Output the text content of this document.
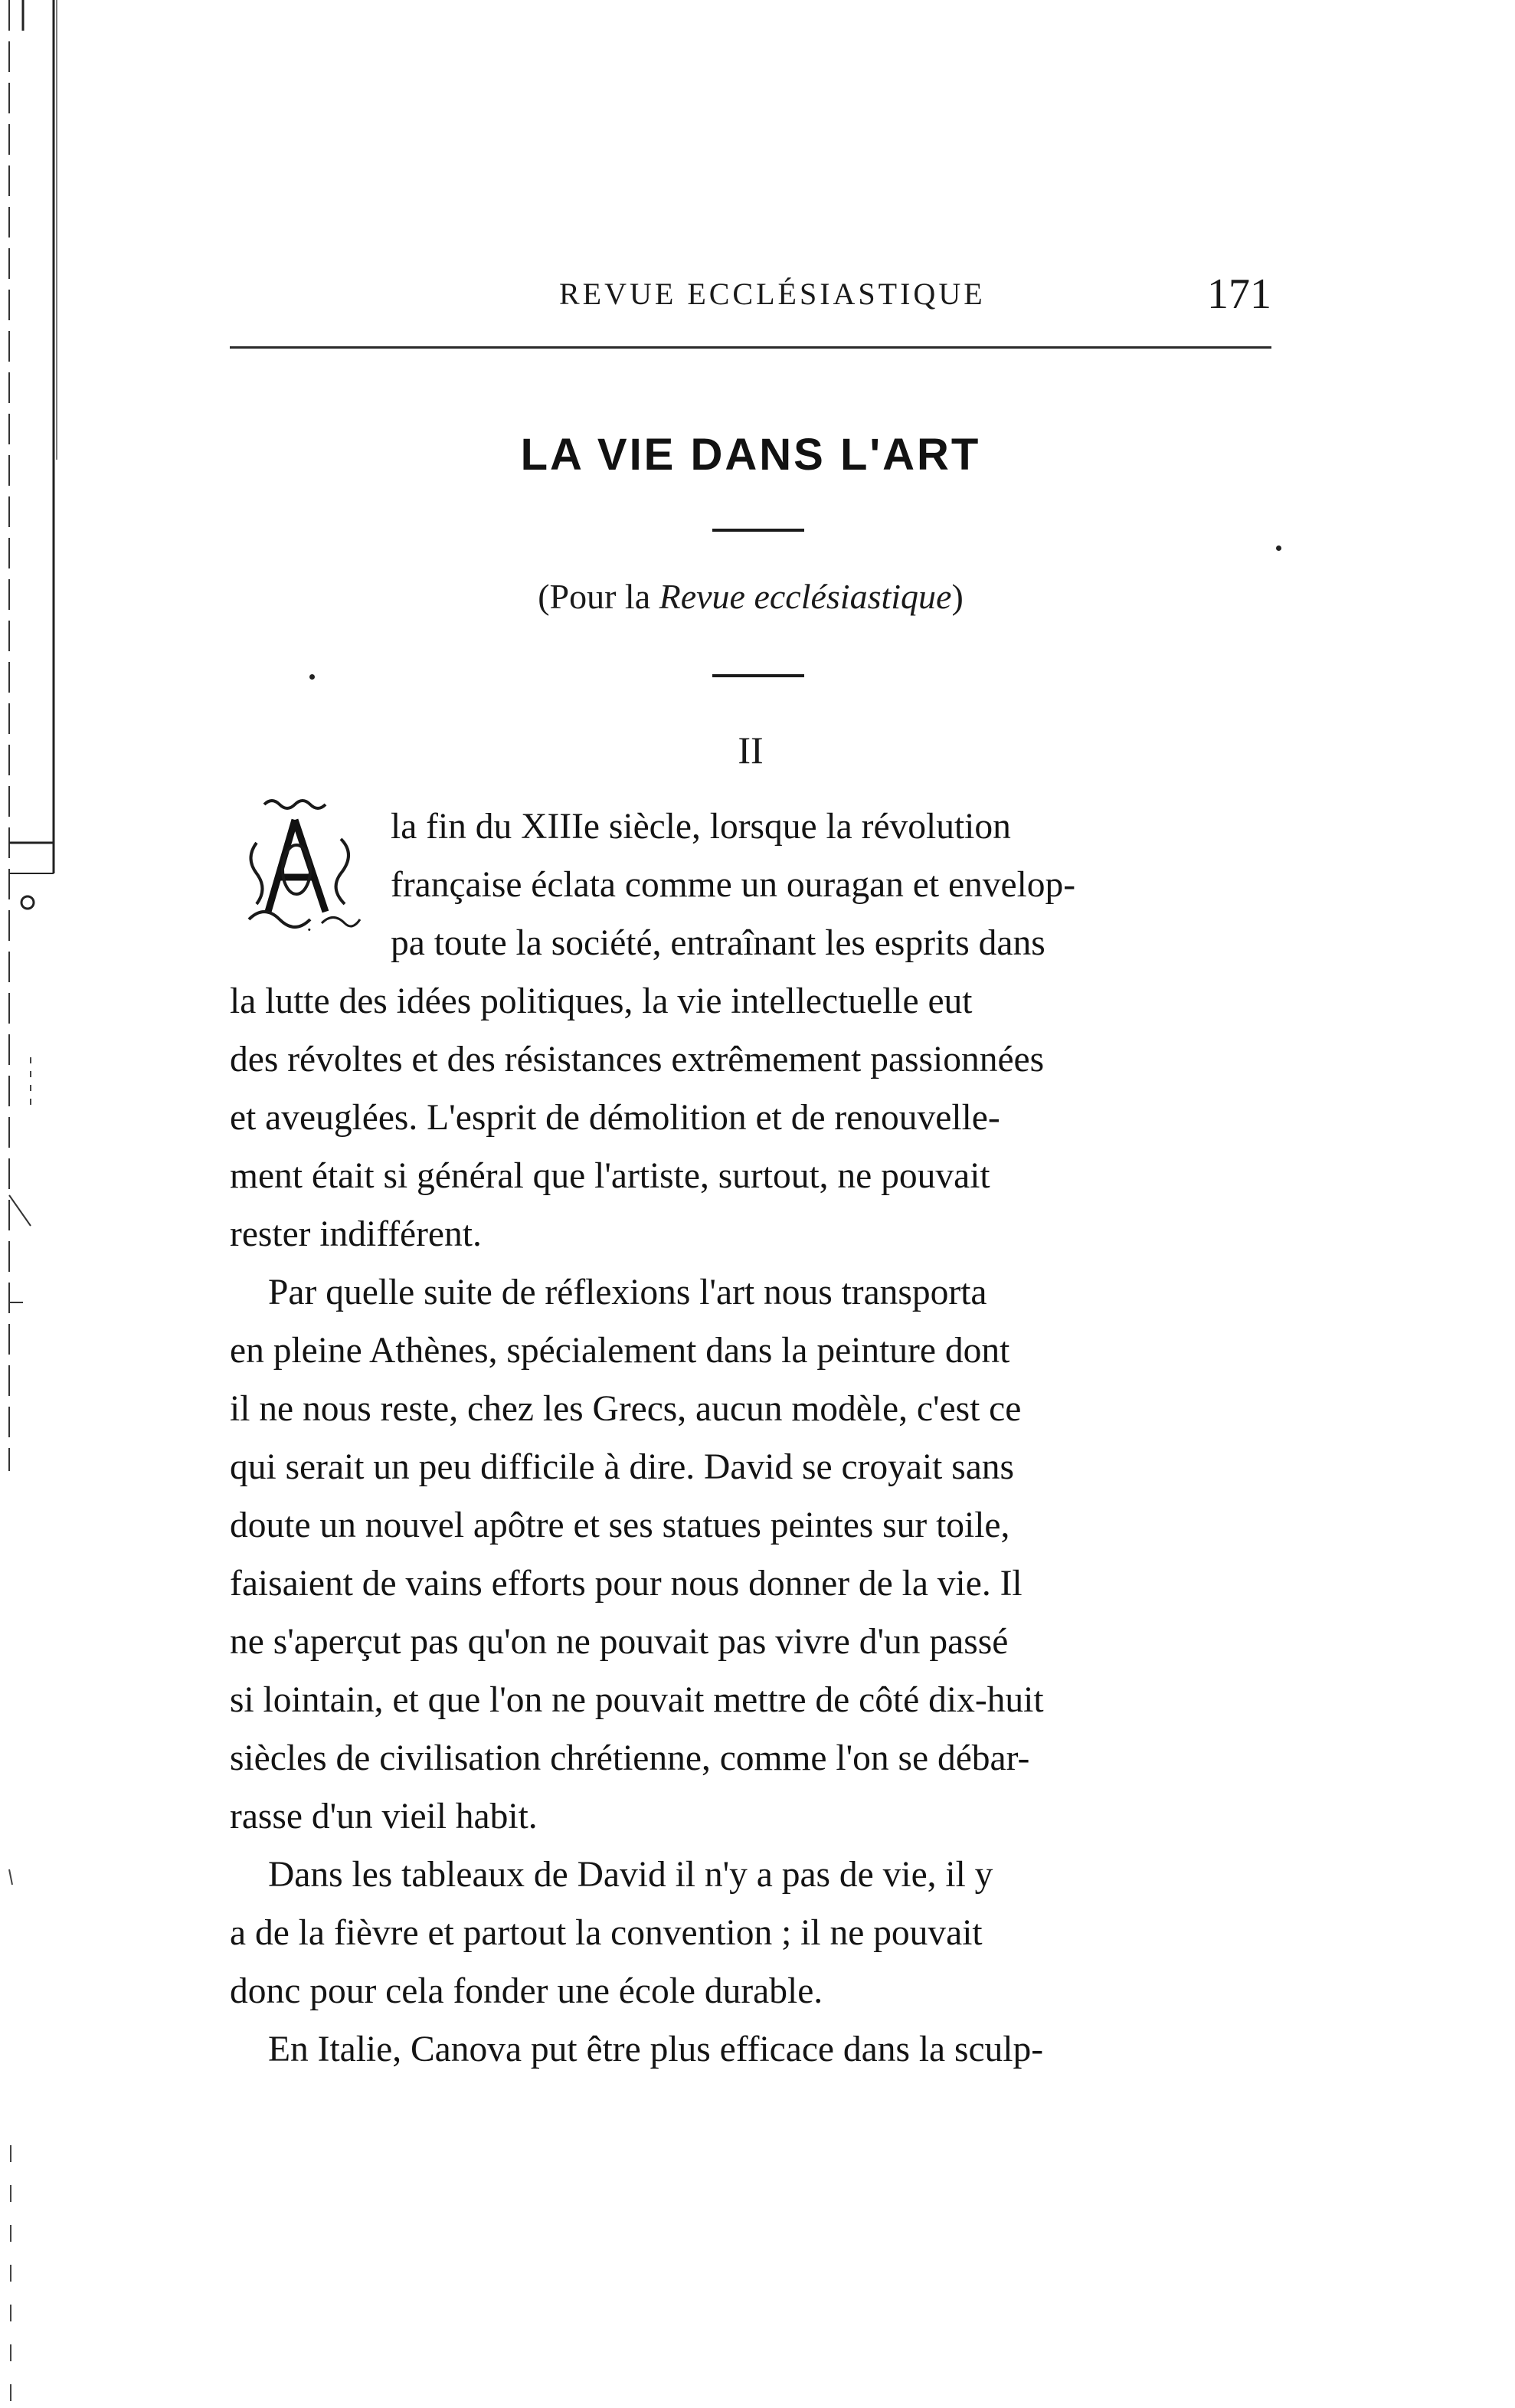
REVUE ECCLÉSIASTIQUE	171
LA VIE DANS L'ART
(Pour la Revue ecclésiastique)
II
·
la fin du XIIIe siècle, lorsque la révolution
française éclata comme un ouragan et envelop-
pa toute la société, entraînant les esprits dans
la lutte des idées politiques, la vie intellectuelle eut
des révoltes et des résistances extrêmement passionnées
et aveuglées. L'esprit de démolition et de renouvelle-
ment était si général que l'artiste, surtout, ne pouvait
rester indifférent.
Par quelle suite de réflexions l'art nous transporta
en pleine Athènes, spécialement dans la peinture dont
il ne nous reste, chez les Grecs, aucun modèle, c'est ce
qui serait un peu difficile à dire. David se croyait sans
doute un nouvel apôtre et ses statues peintes sur toile,
faisaient de vains efforts pour nous donner de la vie. Il
ne s'aperçut pas qu'on ne pouvait pas vivre d'un passé
si lointain, et que l'on ne pouvait mettre de côté dix-huit
siècles de civilisation chrétienne, comme l'on se débar-
rasse d'un vieil habit.
Dans les tableaux de David il n'y a pas de vie, il y
a de la fièvre et partout la convention ; il ne pouvait
donc pour cela fonder une école durable.
En Italie, Canova put être plus efficace dans la sculp-
